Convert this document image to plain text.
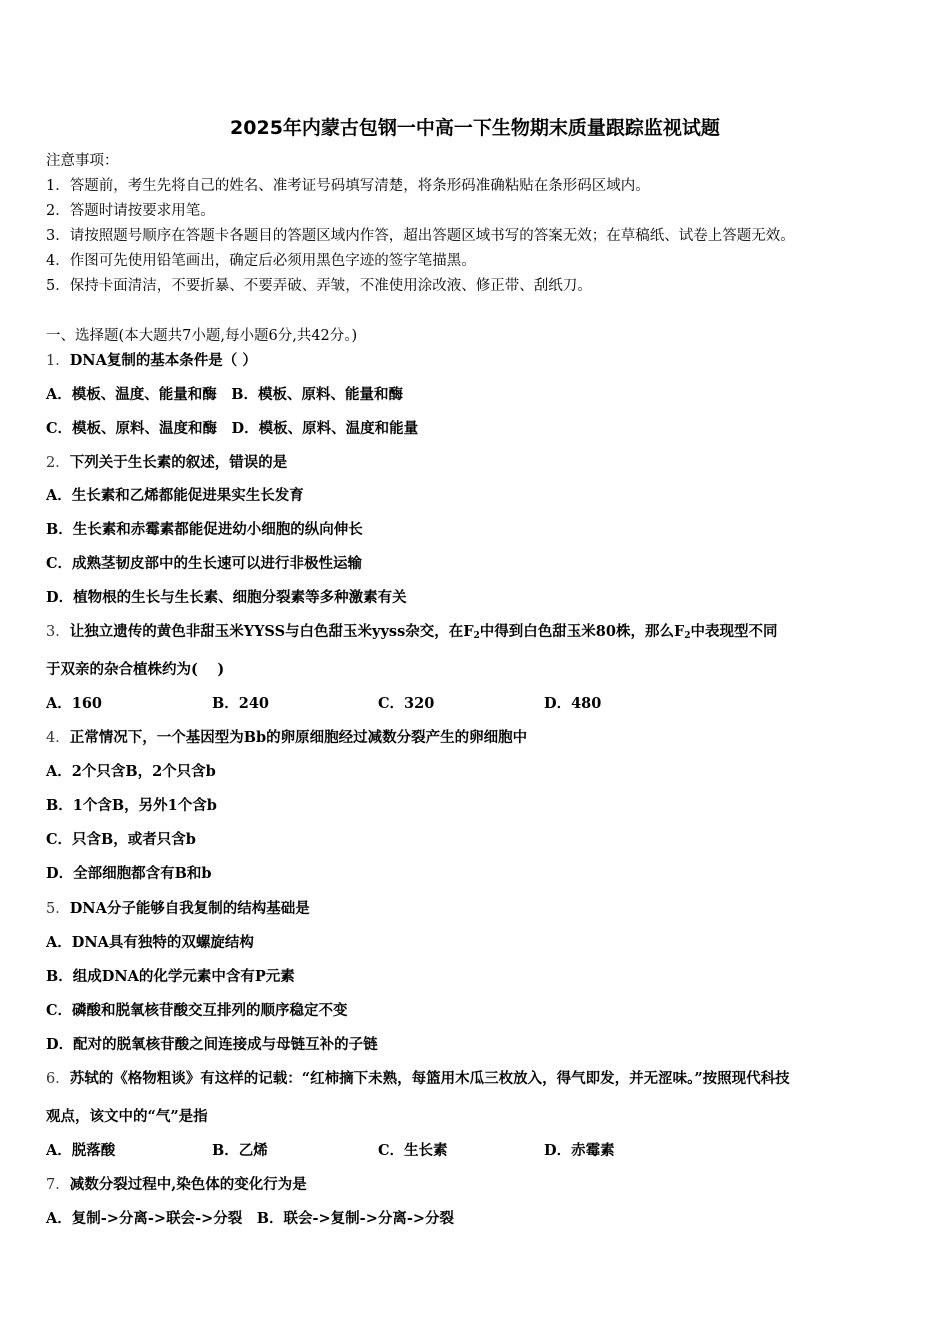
2025年内蒙古包钢一中高一下生物期末质量跟踪监视试题
注意事项：
1．答题前，考生先将自己的姓名、准考证号码填写清楚，将条形码准确粘贴在条形码区域内。
2．答题时请按要求用笔。
3．请按照题号顺序在答题卡各题目的答题区域内作答，超出答题区域书写的答案无效；在草稿纸、试卷上答题无效。
4．作图可先使用铅笔画出，确定后必须用黑色字迹的签字笔描黑。
5．保持卡面清洁，不要折暴、不要弄破、弄皱，不准使用涂改液、修正带、刮纸刀。
一、选择题(本大题共7小题,每小题6分,共42分。)
1．DNA复制的基本条件是（ ）
A．模板、温度、能量和酶　B．模板、原料、能量和酶
C．模板、原料、温度和酶　D．模板、原料、温度和能量
2．下列关于生长素的叙述，错误的是
A．生长素和乙烯都能促进果实生长发育
B．生长素和赤霉素都能促进幼小细胞的纵向伸长
C．成熟茎韧皮部中的生长速可以进行非极性运输
D．植物根的生长与生长素、细胞分裂素等多种激素有关
3．让独立遗传的黄色非甜玉米YYSS与白色甜玉米yyss杂交，在$F_2$中得到白色甜玉米80株，那么$F_2$中表现型不同
于双亲的杂合植株约为(　 )
A．160	B．240	C．320	D．480
4．正常情况下，一个基因型为Bb的卵原细胞经过减数分裂产生的卵细胞中
A．2个只含B，2个只含b
B．1个含B，另外1个含b
C．只含B，或者只含b
D．全部细胞都含有B和b
5．DNA分子能够自我复制的结构基础是
A．DNA具有独特的双螺旋结构
B．组成DNA的化学元素中含有P元素
C．磷酸和脱氧核苷酸交互排列的顺序稳定不变
D．配对的脱氧核苷酸之间连接成与母链互补的子链
6．苏轼的《格物粗谈》有这样的记载：“红柿摘下未熟，每篮用木瓜三枚放入，得气即发，并无涩味。”按照现代科技
观点，该文中的“气”是指
A．脱落酸	B．乙烯	C．生长素	D．赤霉素
7．减数分裂过程中,染色体的变化行为是
A．复制->分离->联会->分裂　B．联会->复制->分离->分裂
